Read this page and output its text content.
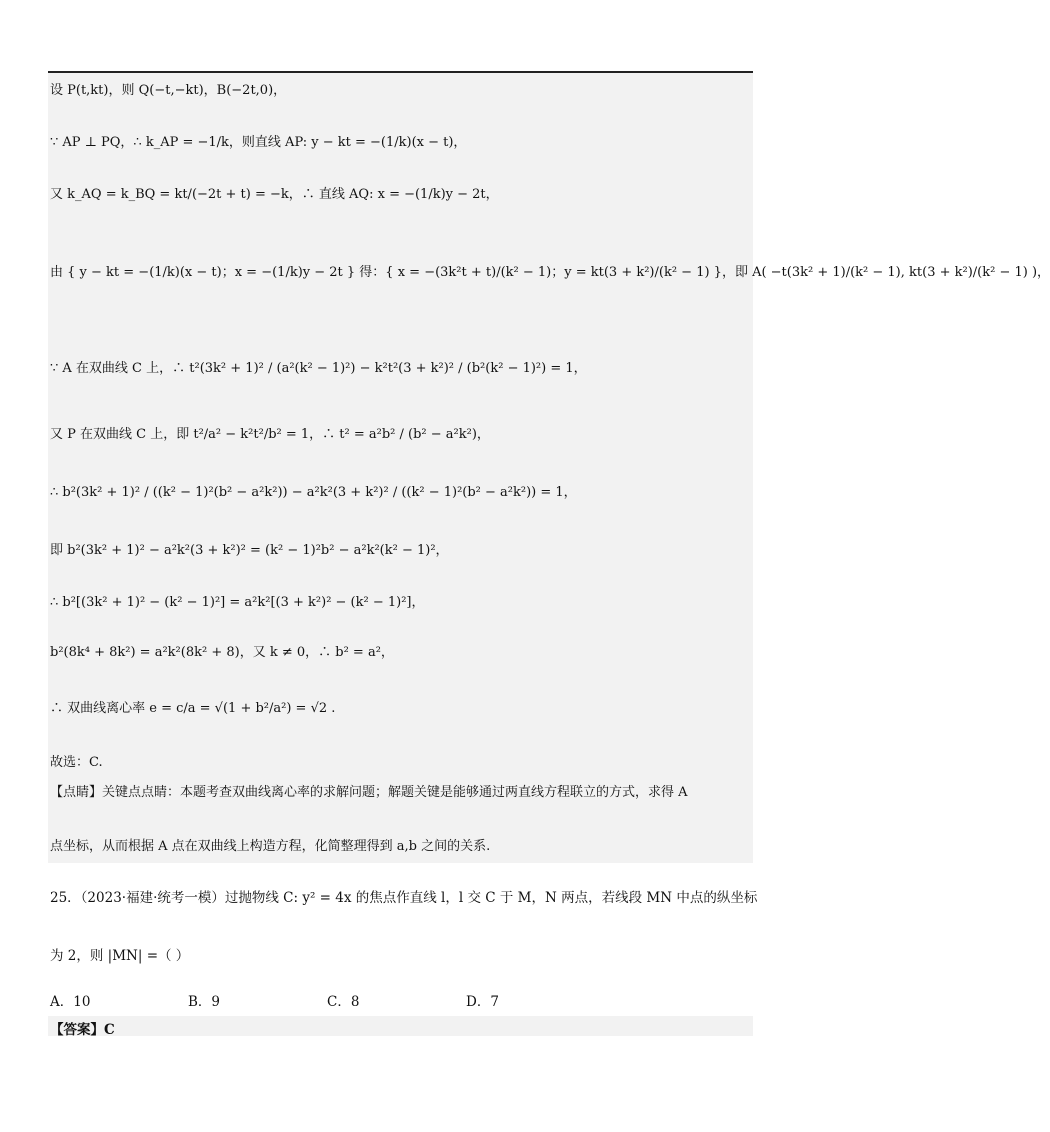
设 P(t,kt)，则 Q(−t,−kt)，B(−2t,0)，
∵ AP ⊥ PQ，∴ k_AP = −1/k，则直线 AP: y − kt = −(1/k)(x − t)，
又 k_AQ = k_BQ = kt/(−2t + t) = −k，∴ 直线 AQ: x = −(1/k)y − 2t，
由 { y − kt = −(1/k)(x − t)；x = −(1/k)y − 2t } 得：{ x = −(3k²t + t)/(k² − 1)；y = kt(3 + k²)/(k² − 1) }，即 A( −t(3k² + 1)/(k² − 1), kt(3 + k²)/(k² − 1) )，
∵ A 在双曲线 C 上，∴ t²(3k² + 1)² / (a²(k² − 1)²) − k²t²(3 + k²)² / (b²(k² − 1)²) = 1，
又 P 在双曲线 C 上，即 t²/a² − k²t²/b² = 1，∴ t² = a²b² / (b² − a²k²)，
∴ b²(3k² + 1)² / ((k² − 1)²(b² − a²k²)) − a²k²(3 + k²)² / ((k² − 1)²(b² − a²k²)) = 1，
即 b²(3k² + 1)² − a²k²(3 + k²)² = (k² − 1)²b² − a²k²(k² − 1)²，
∴ b²[(3k² + 1)² − (k² − 1)²] = a²k²[(3 + k²)² − (k² − 1)²]，
b²(8k⁴ + 8k²) = a²k²(8k² + 8)，又 k ≠ 0，∴ b² = a²，
∴ 双曲线离心率 e = c/a = √(1 + b²/a²) = √2 .
故选：C.
【点睛】关键点点睛：本题考查双曲线离心率的求解问题；解题关键是能够通过两直线方程联立的方式，求得 A
点坐标，从而根据 A 点在双曲线上构造方程，化简整理得到 a,b 之间的关系.
25．（2023·福建·统考一模）过抛物线 C: y² = 4x 的焦点作直线 l，l 交 C 于 M，N 两点，若线段 MN 中点的纵坐标
为 2，则 |MN| =（ ）
A．10	B．9	C．8	D．7
【答案】C
